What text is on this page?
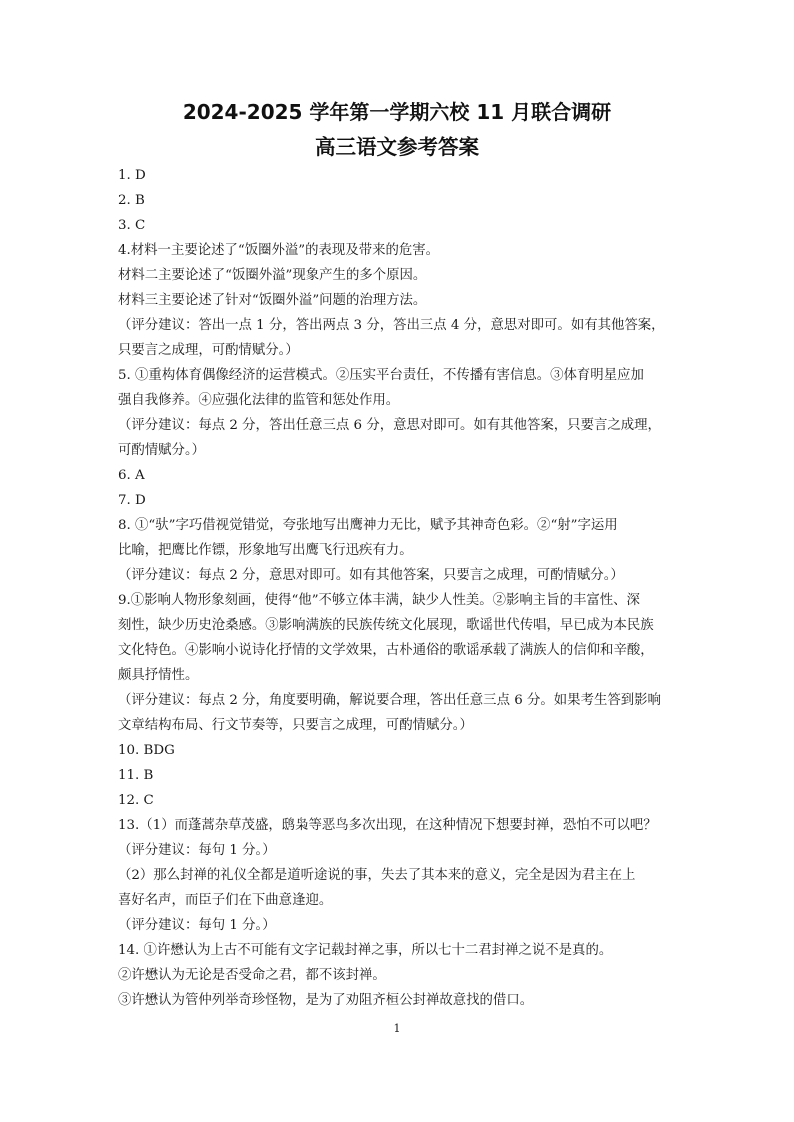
2024-2025 学年第一学期六校 11 月联合调研
高三语文参考答案
1. D
2. B
3. C
4.材料一主要论述了“饭圈外溢”的表现及带来的危害。
材料二主要论述了“饭圈外溢”现象产生的多个原因。
材料三主要论述了针对“饭圈外溢”问题的治理方法。
（评分建议：答出一点 1 分，答出两点 3 分，答出三点 4 分，意思对即可。如有其他答案，
只要言之成理，可酌情赋分。）
5. ①重构体育偶像经济的运营模式。②压实平台责任，不传播有害信息。③体育明星应加
强自我修养。④应强化法律的监管和惩处作用。
（评分建议：每点 2 分，答出任意三点 6 分，意思对即可。如有其他答案，只要言之成理，
可酌情赋分。）
6. A
7. D
8. ①“驮”字巧借视觉错觉，夸张地写出鹰神力无比，赋予其神奇色彩。②“射”字运用
比喻，把鹰比作镖，形象地写出鹰飞行迅疾有力。
（评分建议：每点 2 分，意思对即可。如有其他答案，只要言之成理，可酌情赋分。）
9.①影响人物形象刻画，使得“他”不够立体丰满，缺少人性美。②影响主旨的丰富性、深
刻性，缺少历史沧桑感。③影响满族的民族传统文化展现，歌谣世代传唱，早已成为本民族
文化特色。④影响小说诗化抒情的文学效果，古朴通俗的歌谣承载了满族人的信仰和辛酸，
颇具抒情性。
（评分建议：每点 2 分，角度要明确，解说要合理，答出任意三点 6 分。如果考生答到影响
文章结构布局、行文节奏等，只要言之成理，可酌情赋分。）
10. BDG
11. B
12. C
13.（1）而蓬蒿杂草茂盛，鸱枭等恶鸟多次出现，在这种情况下想要封禅，恐怕不可以吧？
（评分建议：每句 1 分。）
（2）那么封禅的礼仪全都是道听途说的事，失去了其本来的意义，完全是因为君主在上
喜好名声，而臣子们在下曲意逢迎。
（评分建议：每句 1 分。）
14. ①许懋认为上古不可能有文字记载封禅之事，所以七十二君封禅之说不是真的。
②许懋认为无论是否受命之君，都不该封禅。
③许懋认为管仲列举奇珍怪物，是为了劝阻齐桓公封禅故意找的借口。
1
